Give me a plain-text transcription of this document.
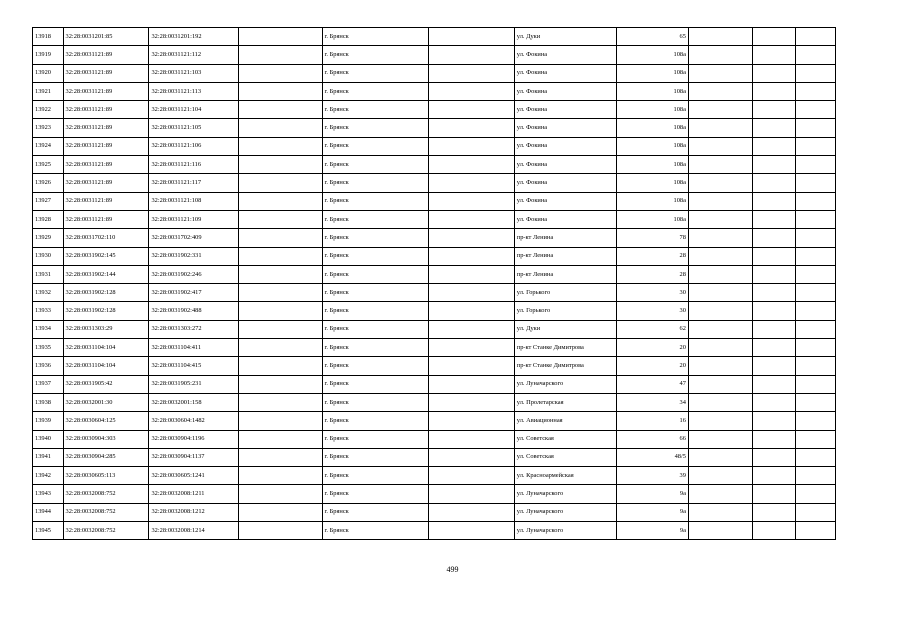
13918	32:28:0031201:85	32:28:0031201:192		г. Брянск		ул. Дуки	65			
13919	32:28:0031121:89	32:28:0031121:112		г. Брянск		ул. Фокина	108а			
13920	32:28:0031121:89	32:28:0031121:103		г. Брянск		ул. Фокина	108а			
13921	32:28:0031121:89	32:28:0031121:113		г. Брянск		ул. Фокина	108а			
13922	32:28:0031121:89	32:28:0031121:104		г. Брянск		ул. Фокина	108а			
13923	32:28:0031121:89	32:28:0031121:105		г. Брянск		ул. Фокина	108а			
13924	32:28:0031121:89	32:28:0031121:106		г. Брянск		ул. Фокина	108а			
13925	32:28:0031121:89	32:28:0031121:116		г. Брянск		ул. Фокина	108а			
13926	32:28:0031121:89	32:28:0031121:117		г. Брянск		ул. Фокина	108а			
13927	32:28:0031121:89	32:28:0031121:108		г. Брянск		ул. Фокина	108а			
13928	32:28:0031121:89	32:28:0031121:109		г. Брянск		ул. Фокина	108а			
13929	32:28:0031702:110	32:28:0031702:409		г. Брянск		пр-кт Ленина	78			
13930	32:28:0031902:145	32:28:0031902:331		г. Брянск		пр-кт Ленина	28			
13931	32:28:0031902:144	32:28:0031902:246		г. Брянск		пр-кт Ленина	28			
13932	32:28:0031902:128	32:28:0031902:417		г. Брянск		ул. Горького	30			
13933	32:28:0031902:128	32:28:0031902:488		г. Брянск		ул. Горького	30			
13934	32:28:0031303:29	32:28:0031303:272		г. Брянск		ул. Дуки	62			
13935	32:28:0031104:104	32:28:0031104:411		г. Брянск		пр-кт Станке Димитрова	20			
13936	32:28:0031104:104	32:28:0031104:415		г. Брянск		пр-кт Станке Димитрова	20			
13937	32:28:0031905:42	32:28:0031905:231		г. Брянск		ул. Луначарского	47			
13938	32:28:0032001:30	32:28:0032001:158		г. Брянск		ул. Пролетарская	34			
13939	32:28:0030604:125	32:28:0030604:1482		г. Брянск		ул. Авиационная	16			
13940	32:28:0030904:303	32:28:0030904:1196		г. Брянск		ул. Советская	66			
13941	32:28:0030904:285	32:28:0030904:1137		г. Брянск		ул. Советская	48/5			
13942	32:28:0030605:113	32:28:0030605:1241		г. Брянск		ул. Красноармейская	39			
13943	32:28:0032008:752	32:28:0032008:1211		г. Брянск		ул. Луначарского	9а			
13944	32:28:0032008:752	32:28:0032008:1212		г. Брянск		ул. Луначарского	9а			
13945	32:28:0032008:752	32:28:0032008:1214		г. Брянск		ул. Луначарского	9а			
499
